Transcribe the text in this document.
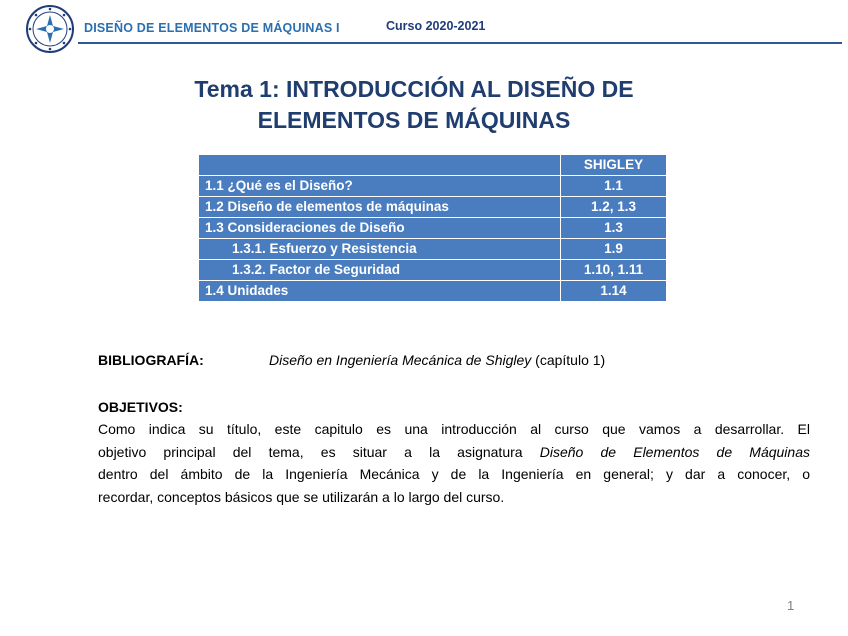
DISEÑO DE ELEMENTOS DE MÁQUINAS I	Curso 2020-2021
Tema 1: INTRODUCCIÓN AL DISEÑO DE
ELEMENTOS DE MÁQUINAS
	SHIGLEY
1.1 ¿Qué es el Diseño?	1.1
1.2 Diseño de elementos de máquinas	1.2, 1.3
1.3 Consideraciones de Diseño	1.3
1.3.1. Esfuerzo y Resistencia	1.9
1.3.2. Factor de Seguridad	1.10, 1.11
1.4 Unidades	1.14
BIBLIOGRAFÍA:	Diseño en Ingeniería Mecánica de Shigley (capítulo 1)
OBJETIVOS:
Como indica su título, este capitulo es una introducción al curso que vamos a desarrollar. El
objetivo principal del tema, es situar a la asignatura Diseño de Elementos de Máquinas
dentro del ámbito de la Ingeniería Mecánica y de la Ingeniería en general; y dar a conocer, o
recordar, conceptos básicos que se utilizarán a lo largo del curso.
1
